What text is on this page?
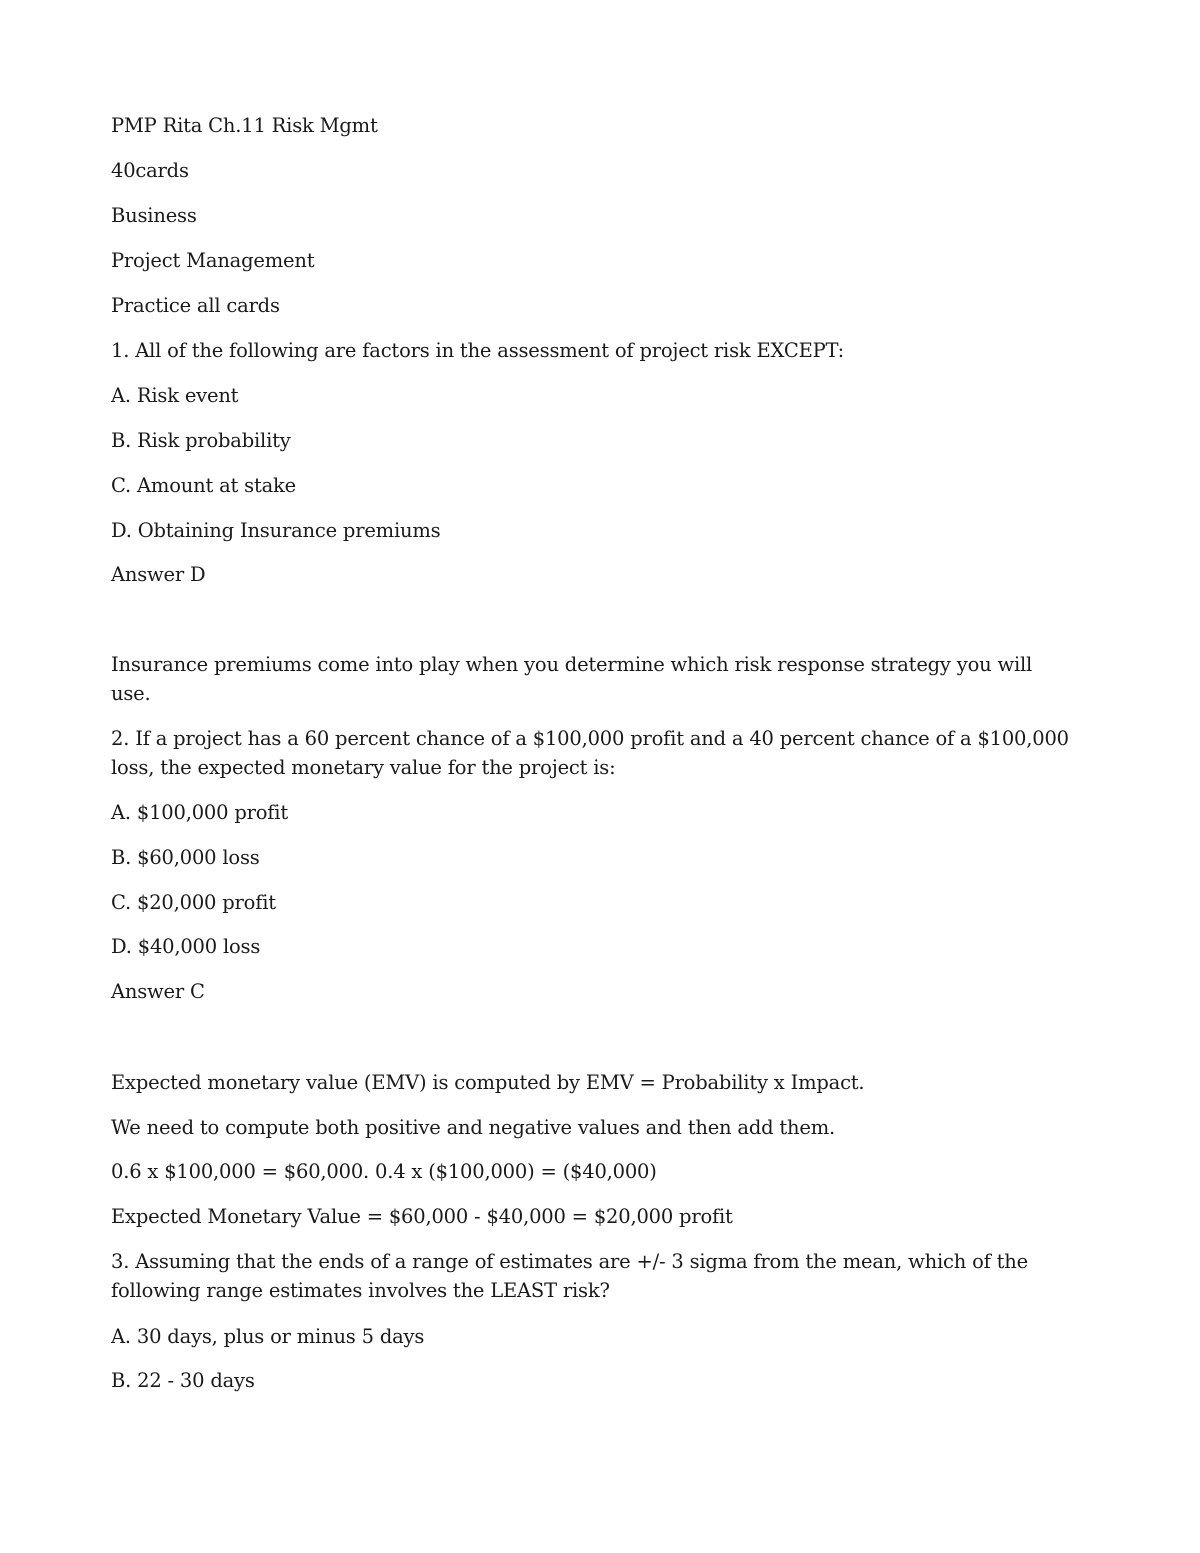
PMP Rita Ch.11 Risk Mgmt

40cards

Business

Project Management

Practice all cards

1. All of the following are factors in the assessment of project risk EXCEPT:

A. Risk event

B. Risk probability

C. Amount at stake

D. Obtaining Insurance premiums

Answer D

Insurance premiums come into play when you determine which risk response strategy you will

use.

2. If a project has a 60 percent chance of a $100,000 profit and a 40 percent chance of a $100,000

loss, the expected monetary value for the project is:

A. $100,000 profit

B. $60,000 loss

C. $20,000 profit

D. $40,000 loss

Answer C

Expected monetary value (EMV) is computed by EMV = Probability x Impact.

We need to compute both positive and negative values and then add them.

0.6 x $100,000 = $60,000. 0.4 x ($100,000) = ($40,000)

Expected Monetary Value = $60,000 - $40,000 = $20,000 profit

3. Assuming that the ends of a range of estimates are +/- 3 sigma from the mean, which of the

following range estimates involves the LEAST risk?

A. 30 days, plus or minus 5 days

B. 22 - 30 days
